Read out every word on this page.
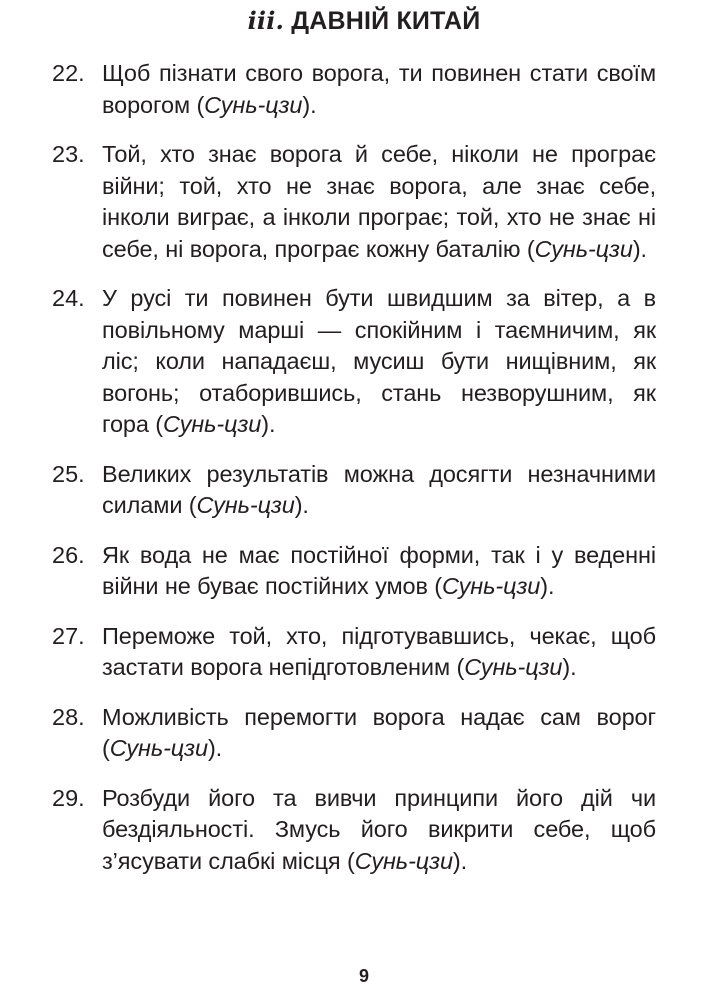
ііі. ДАВНІЙ КИТАЙ
22. Щоб пізнати свого ворога, ти повинен стати своїм ворогом (Сунь-цзи).
23. Той, хто знає ворога й себе, ніколи не програє війни; той, хто не знає ворога, але знає себе, інколи виграє, а інколи програє; той, хто не знає ні себе, ні ворога, програє кожну баталію (Сунь-цзи).
24. У русі ти повинен бути швидшим за вітер, а в повільному марші — спокійним і таємничим, як ліс; коли нападаєш, мусиш бути нищівним, як вогонь; отаборившись, стань незворушним, як гора (Сунь-цзи).
25. Великих результатів можна досягти незначними силами (Сунь-цзи).
26. Як вода не має постійної форми, так і у веденні війни не буває постійних умов (Сунь-цзи).
27. Переможе той, хто, підготувавшись, чекає, щоб застати ворога непідготовленим (Сунь-цзи).
28. Можливість перемогти ворога надає сам ворог (Сунь-цзи).
29. Розбуди його та вивчи принципи його дій чи бездіяльності. Змусь його викрити себе, щоб з’ясувати слабкі місця (Сунь-цзи).
9
